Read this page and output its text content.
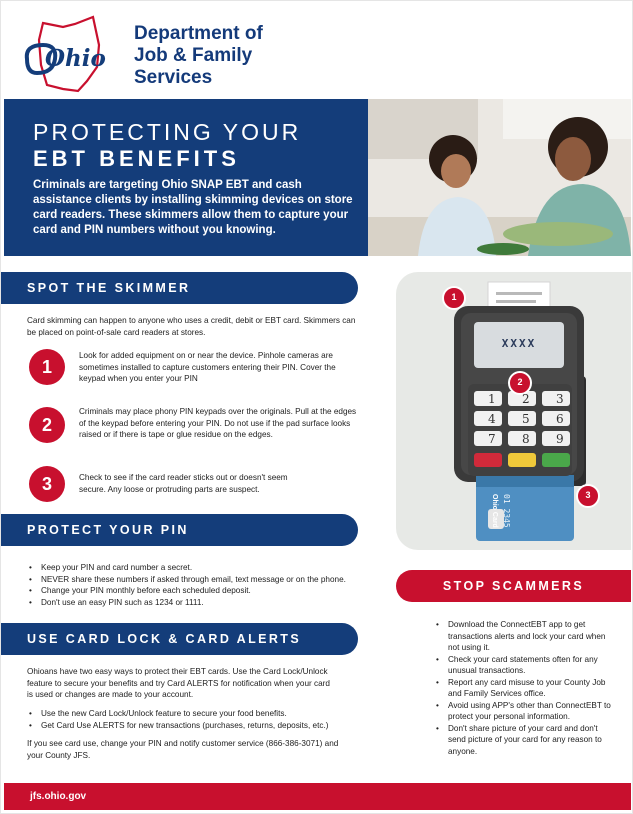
Ohio
Department of
Job & Family
Services
PROTECTING YOUR
EBT BENEFITS
Criminals are targeting Ohio SNAP EBT and cash assistance clients by installing skimming devices on store card readers. These skimmers allow them to capture your card and PIN numbers without you knowing.
SPOT THE SKIMMER
Card skimming can happen to anyone who uses a credit, debit or EBT card. Skimmers can be placed on point-of-sale card readers at stores.
1
Look for added equipment on or near the device. Pinhole cameras are sometimes installed to capture customers entering their PIN. Cover the keypad when you enter your PIN
2
Criminals may place phony PIN keypads over the originals. Pull at the edges of the keypad before entering your PIN. Do not use if the pad surface looks raised or if there is tape or glue residue on the edges.
3	Check to see if the card reader sticks out or doesn't seem secure. Any loose or protruding parts are suspect.
PROTECT YOUR PIN
• Keep your PIN and card number a secret.
• NEVER share these numbers if asked through email, text message or on the phone.
• Change your PIN monthly before each scheduled deposit.
• Don't use an easy PIN such as 1234 or 1111.
USE CARD LOCK & CARD ALERTS
Ohioans have two easy ways to protect their EBT cards. Use the Card Lock/Unlock feature to secure your benefits and try Card ALERTS for notification when your card is used or changes are made to your account.
• Use the new Card Lock/Unlock feature to secure your food benefits.
• Get Card Use ALERTS for new transactions (purchases, returns, deposits, etc.)
If you see card use, change your PIN and notify customer service (866-386-3071) and your County JFS.
XXXX
1 2 3
4 5 6
7 8 9
1
2
3
Ohio Card 01 2345
STOP SCAMMERS
• Download the ConnectEBT app to get transactions alerts and lock your card when not using it.
• Check your card statements often for any unusual transactions.
• Report any card misuse to your County Job and Family Services office.
• Avoid using APP's other than ConnectEBT to protect your personal information.
• Don't share picture of your card and don't send picture of your card for any reason to anyone.
jfs.ohio.gov
